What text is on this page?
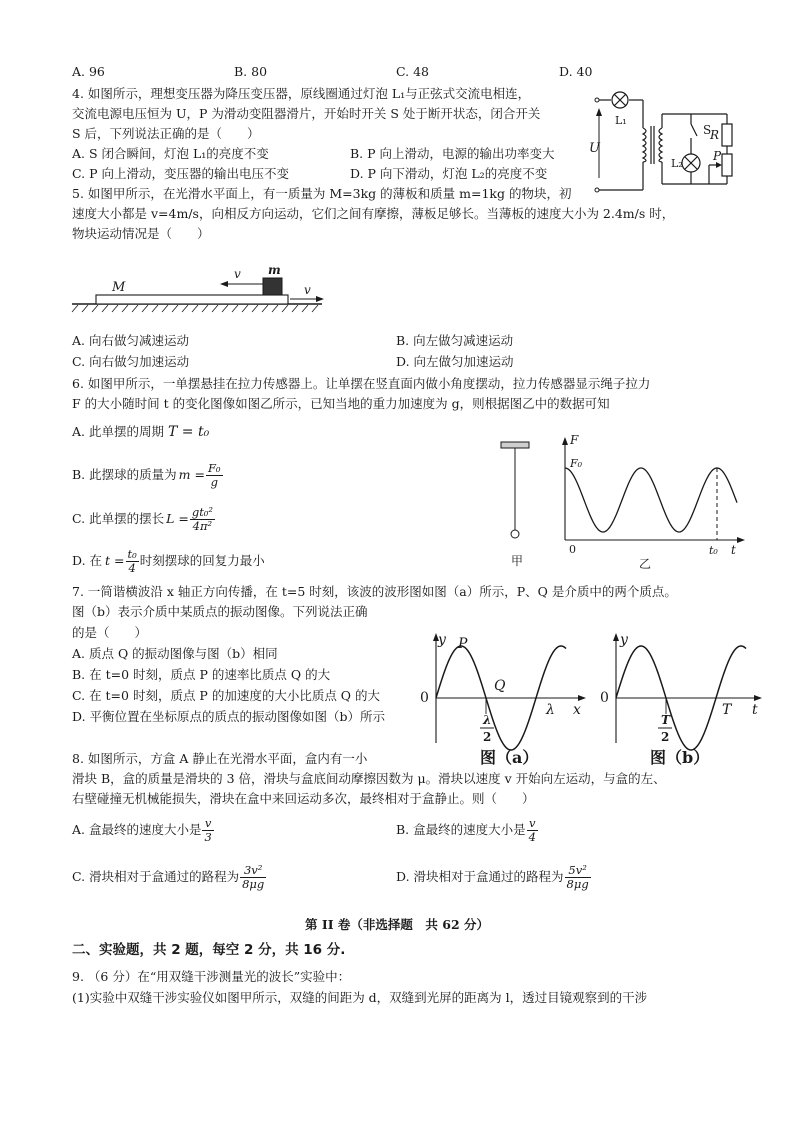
A. 96	B. 80	C. 48	D. 40
4. 如图所示，理想变压器为降压变压器，原线圈通过灯泡 L₁与正弦式交流电相连，
交流电源电压恒为 U，P 为滑动变阻器滑片，开始时开关 S 处于断开状态，闭合开关
S 后，下列说法正确的是（　　）
A. S 闭合瞬间，灯泡 L₁的亮度不变	B. P 向上滑动，电源的输出功率变大
C. P 向上滑动，变压器的输出电压不变	D. P 向下滑动，灯泡 L₂的亮度不变
U
L₁
L₂
S
R
P
5. 如图甲所示，在光滑水平面上，有一质量为 M=3kg 的薄板和质量 m=1kg 的物块，初
速度大小都是 v=4m/s，向相反方向运动，它们之间有摩擦，薄板足够长。当薄板的速度大小为 2.4m/s 时，
物块运动情况是（　　）
M
m
v
v
A. 向右做匀减速运动	B. 向左做匀减速运动
C. 向右做匀加速运动	D. 向左做匀加速运动
6. 如图甲所示，一单摆悬挂在拉力传感器上。让单摆在竖直面内做小角度摆动，拉力传感器显示绳子拉力
F 的大小随时间 t 的变化图像如图乙所示，已知当地的重力加速度为 g，则根据图乙中的数据可知
A. 此单摆的周期 T = t₀
B. 此摆球的质量为 $m = \frac{\text{F₀}}{g}$
C. 此单摆的摆长 $L = \frac{\text{gt₀²}}{\text{4π²}}$
D. 在 $t = \frac{\text{t₀}}{4}$ 时刻摆球的回复力最小	甲
F
F₀
0	t₀ t
乙
7. 一简谐横波沿 x 轴正方向传播，在 t=5 时刻，该波的波形图如图（a）所示，P、Q 是介质中的两个质点。
图（b）表示介质中某质点的振动图像。下列说法正确
的是（　　）
A. 质点 Q 的振动图像与图（b）相同
B. 在 t=0 时刻，质点 P 的速率比质点 Q 的大
C. 在 t=0 时刻，质点 P 的加速度的大小比质点 Q 的大
D. 平衡位置在坐标原点的质点的振动图像如图（b）所示
y P
Q
0
λ
2
λ x
图（a）
y
0
T
2
T t
图（b）
8. 如图所示，方盒 A 静止在光滑水平面，盒内有一小
滑块 B，盒的质量是滑块的 3 倍，滑块与盒底间动摩擦因数为 μ。滑块以速度 v 开始向左运动，与盒的左、
右壁碰撞无机械能损失，滑块在盒中来回运动多次，最终相对于盒静止。则（　　）
A. 盒最终的速度大小是 $\frac{v}{3}$	B. 盒最终的速度大小是 $\frac{v}{4}$
C. 滑块相对于盒通过的路程为 $\frac{\text{3v²}}{8\mu g}$	D. 滑块相对于盒通过的路程为 $\frac{\text{5v²}}{8\mu g}$
第 II 卷（非选择题　共 62 分）
二、实验题，共 2 题，每空 2 分，共 16 分.
9. （6 分）在“用双缝干涉测量光的波长”实验中：
(1)实验中双缝干涉实验仪如图甲所示，双缝的间距为 d，双缝到光屏的距离为 l，透过目镜观察到的干涉
